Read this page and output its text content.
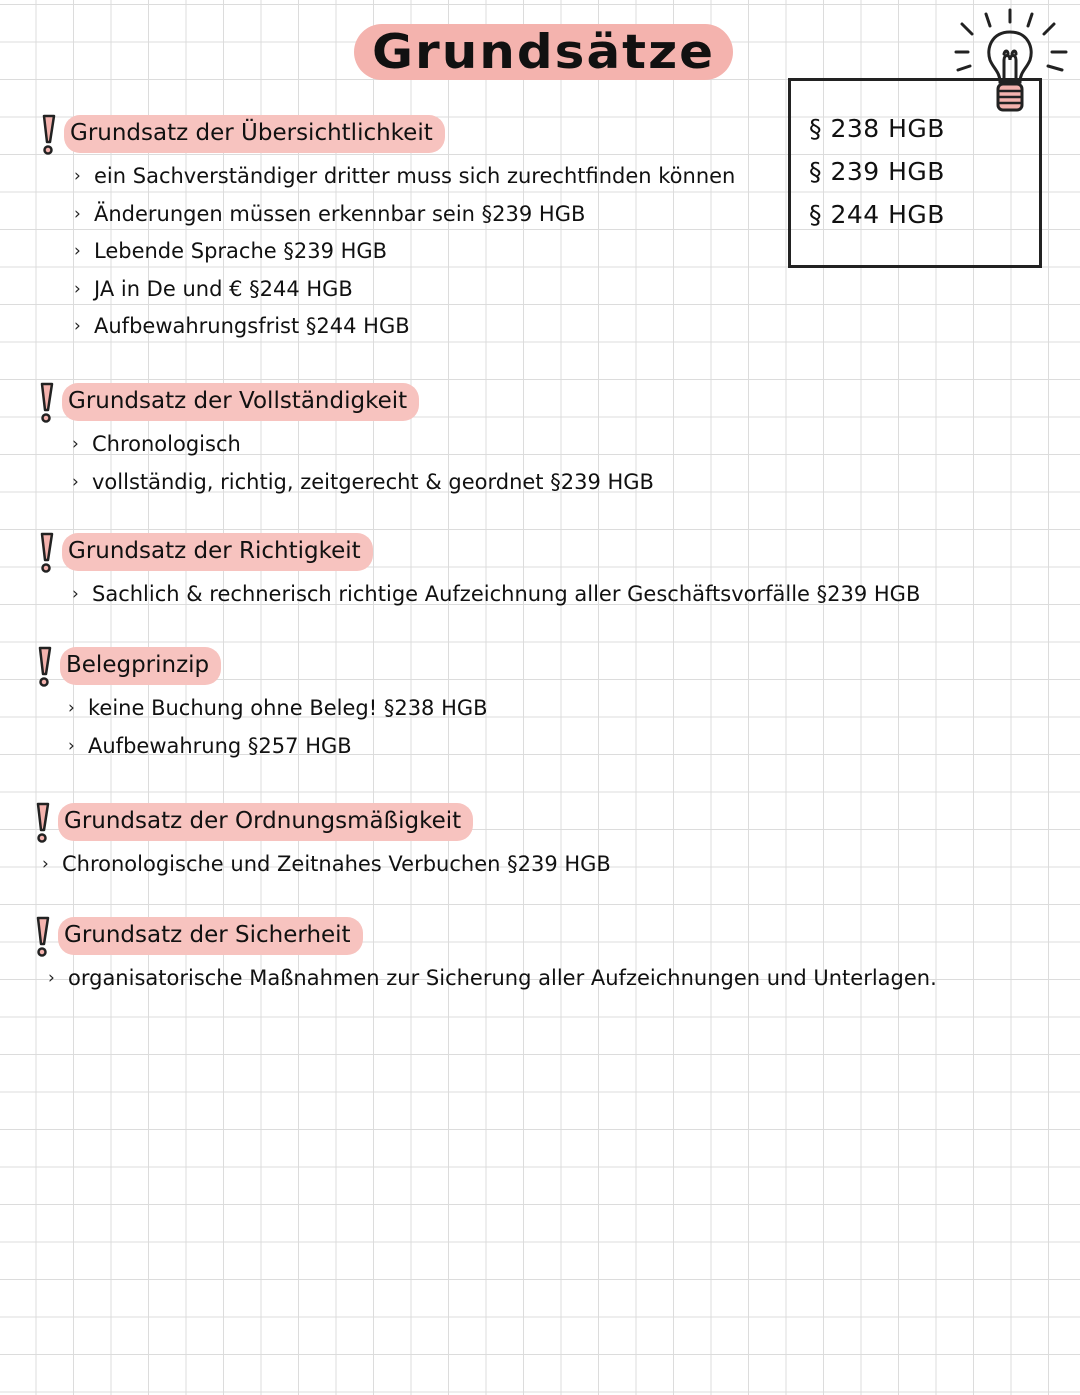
Grundsätze
§ 238 HGB
§ 239 HGB
§ 244 HGB
Grundsatz der Übersichtlichkeit
› ein Sachverständiger dritter muss sich zurechtfinden können
› Änderungen müssen erkennbar sein §239 HGB
› Lebende Sprache §239 HGB
› JA in De und € §244 HGB
› Aufbewahrungsfrist §244 HGB
Grundsatz der Vollständigkeit
› Chronologisch
› vollständig, richtig, zeitgerecht & geordnet §239 HGB
Grundsatz der Richtigkeit
› Sachlich & rechnerisch richtige Aufzeichnung aller Geschäftsvorfälle §239 HGB
Belegprinzip
› keine Buchung ohne Beleg! §238 HGB
› Aufbewahrung §257 HGB
Grundsatz der Ordnungsmäßigkeit
› Chronologische und Zeitnahes Verbuchen §239 HGB
Grundsatz der Sicherheit
› organisatorische Maßnahmen zur Sicherung aller Aufzeichnungen und Unterlagen.
